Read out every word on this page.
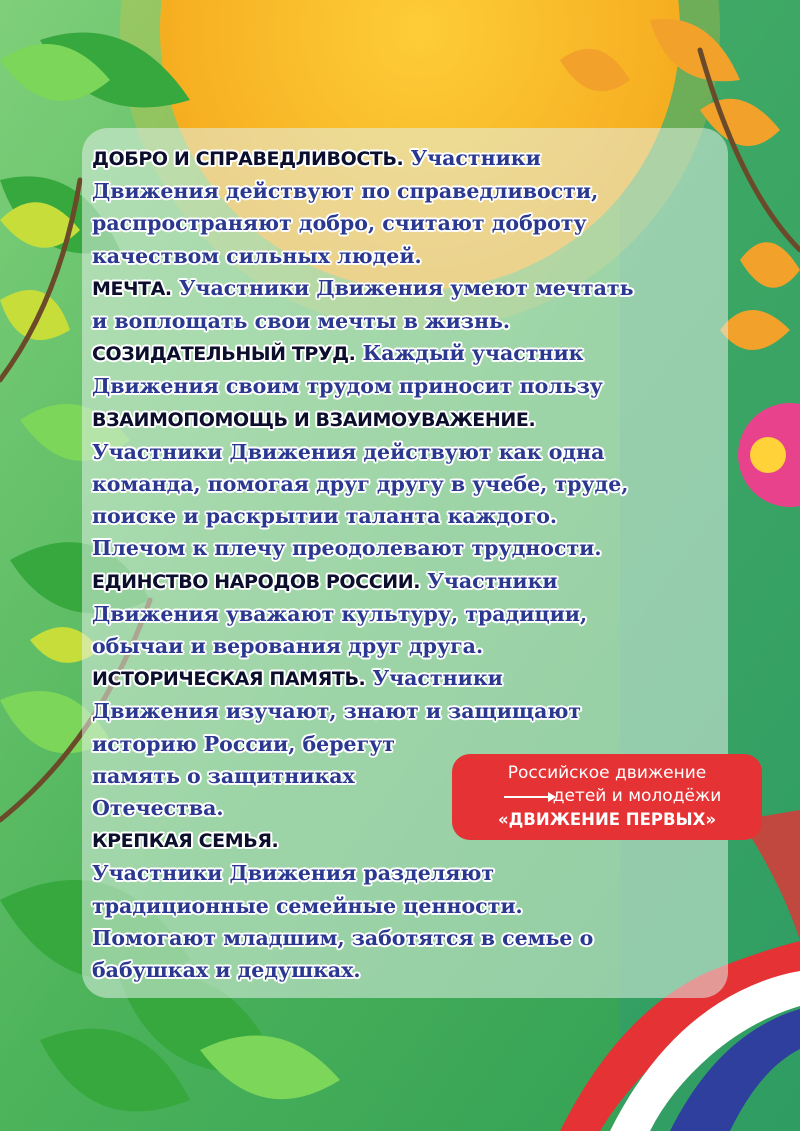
ДОБРО И СПРАВЕДЛИВОСТЬ. Участники
Движения действуют по справедливости,
распространяют добро, считают доброту
качеством сильных людей.
МЕЧТА. Участники Движения умеют мечтать
и воплощать свои мечты в жизнь.
СОЗИДАТЕЛЬНЫЙ ТРУД. Каждый участник
Движения своим трудом приносит пользу
ВЗАИМОПОМОЩЬ И ВЗАИМОУВАЖЕНИЕ.
Участники Движения действуют как одна
команда, помогая друг другу в учебе, труде,
поиске и раскрытии таланта каждого.
Плечом к плечу преодолевают трудности.
ЕДИНСТВО НАРОДОВ РОССИИ. Участники
Движения уважают культуру, традиции,
обычаи и верования друг друга.
ИСТОРИЧЕСКАЯ ПАМЯТЬ. Участники
Движения изучают, знают и защищают
историю России, берегут
память о защитниках
Отечества.
КРЕПКАЯ СЕМЬЯ.
Участники Движения разделяют
традиционные семейные ценности.
Помогают младшим, заботятся в семье о
бабушках и дедушках.
Российское движение
детей и молодёжи
«ДВИЖЕНИЕ ПЕРВЫХ»
